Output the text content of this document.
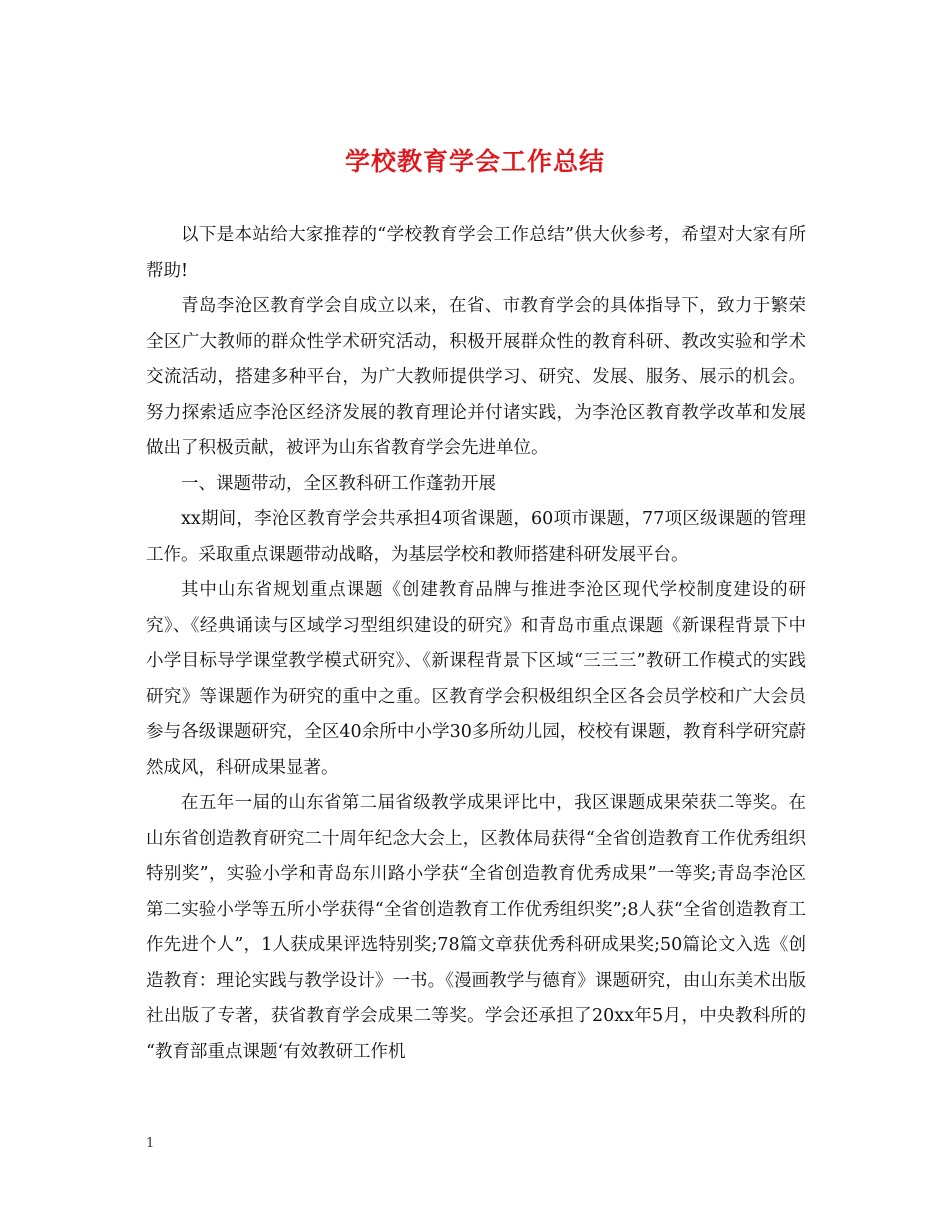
学校教育学会工作总结

以下是本站给大家推荐的“学校教育学会工作总结”供大伙参考，希望对大家有所帮助!

青岛李沧区教育学会自成立以来，在省、市教育学会的具体指导下，致力于繁荣全区广大教师的群众性学术研究活动，积极开展群众性的教育科研、教改实验和学术交流活动，搭建多种平台，为广大教师提供学习、研究、发展、服务、展示的机会。努力探索适应李沧区经济发展的教育理论并付诸实践，为李沧区教育教学改革和发展做出了积极贡献，被评为山东省教育学会先进单位。

一、课题带动，全区教科研工作蓬勃开展

xx期间，李沧区教育学会共承担4项省课题，60项市课题，77项区级课题的管理工作。采取重点课题带动战略，为基层学校和教师搭建科研发展平台。

其中山东省规划重点课题《创建教育品牌与推进李沧区现代学校制度建设的研究》、《经典诵读与区域学习型组织建设的研究》和青岛市重点课题《新课程背景下中小学目标导学课堂教学模式研究》、《新课程背景下区域“三三三”教研工作模式的实践研究》等课题作为研究的重中之重。区教育学会积极组织全区各会员学校和广大会员参与各级课题研究，全区40余所中小学30多所幼儿园，校校有课题，教育科学研究蔚然成风，科研成果显著。

在五年一届的山东省第二届省级教学成果评比中，我区课题成果荣获二等奖。在山东省创造教育研究二十周年纪念大会上，区教体局获得“全省创造教育工作优秀组织特别奖”，实验小学和青岛东川路小学获“全省创造教育优秀成果”一等奖;青岛李沧区第二实验小学等五所小学获得“全省创造教育工作优秀组织奖”;8人获“全省创造教育工作先进个人”，1人获成果评选特别奖;78篇文章获优秀科研成果奖;50篇论文入选《创造教育：理论实践与教学设计》一书。《漫画教学与德育》课题研究，由山东美术出版社出版了专著，获省教育学会成果二等奖。学会还承担了20xx年5月，中央教科所的 “教育部重点课题‘有效教研工作机

1
